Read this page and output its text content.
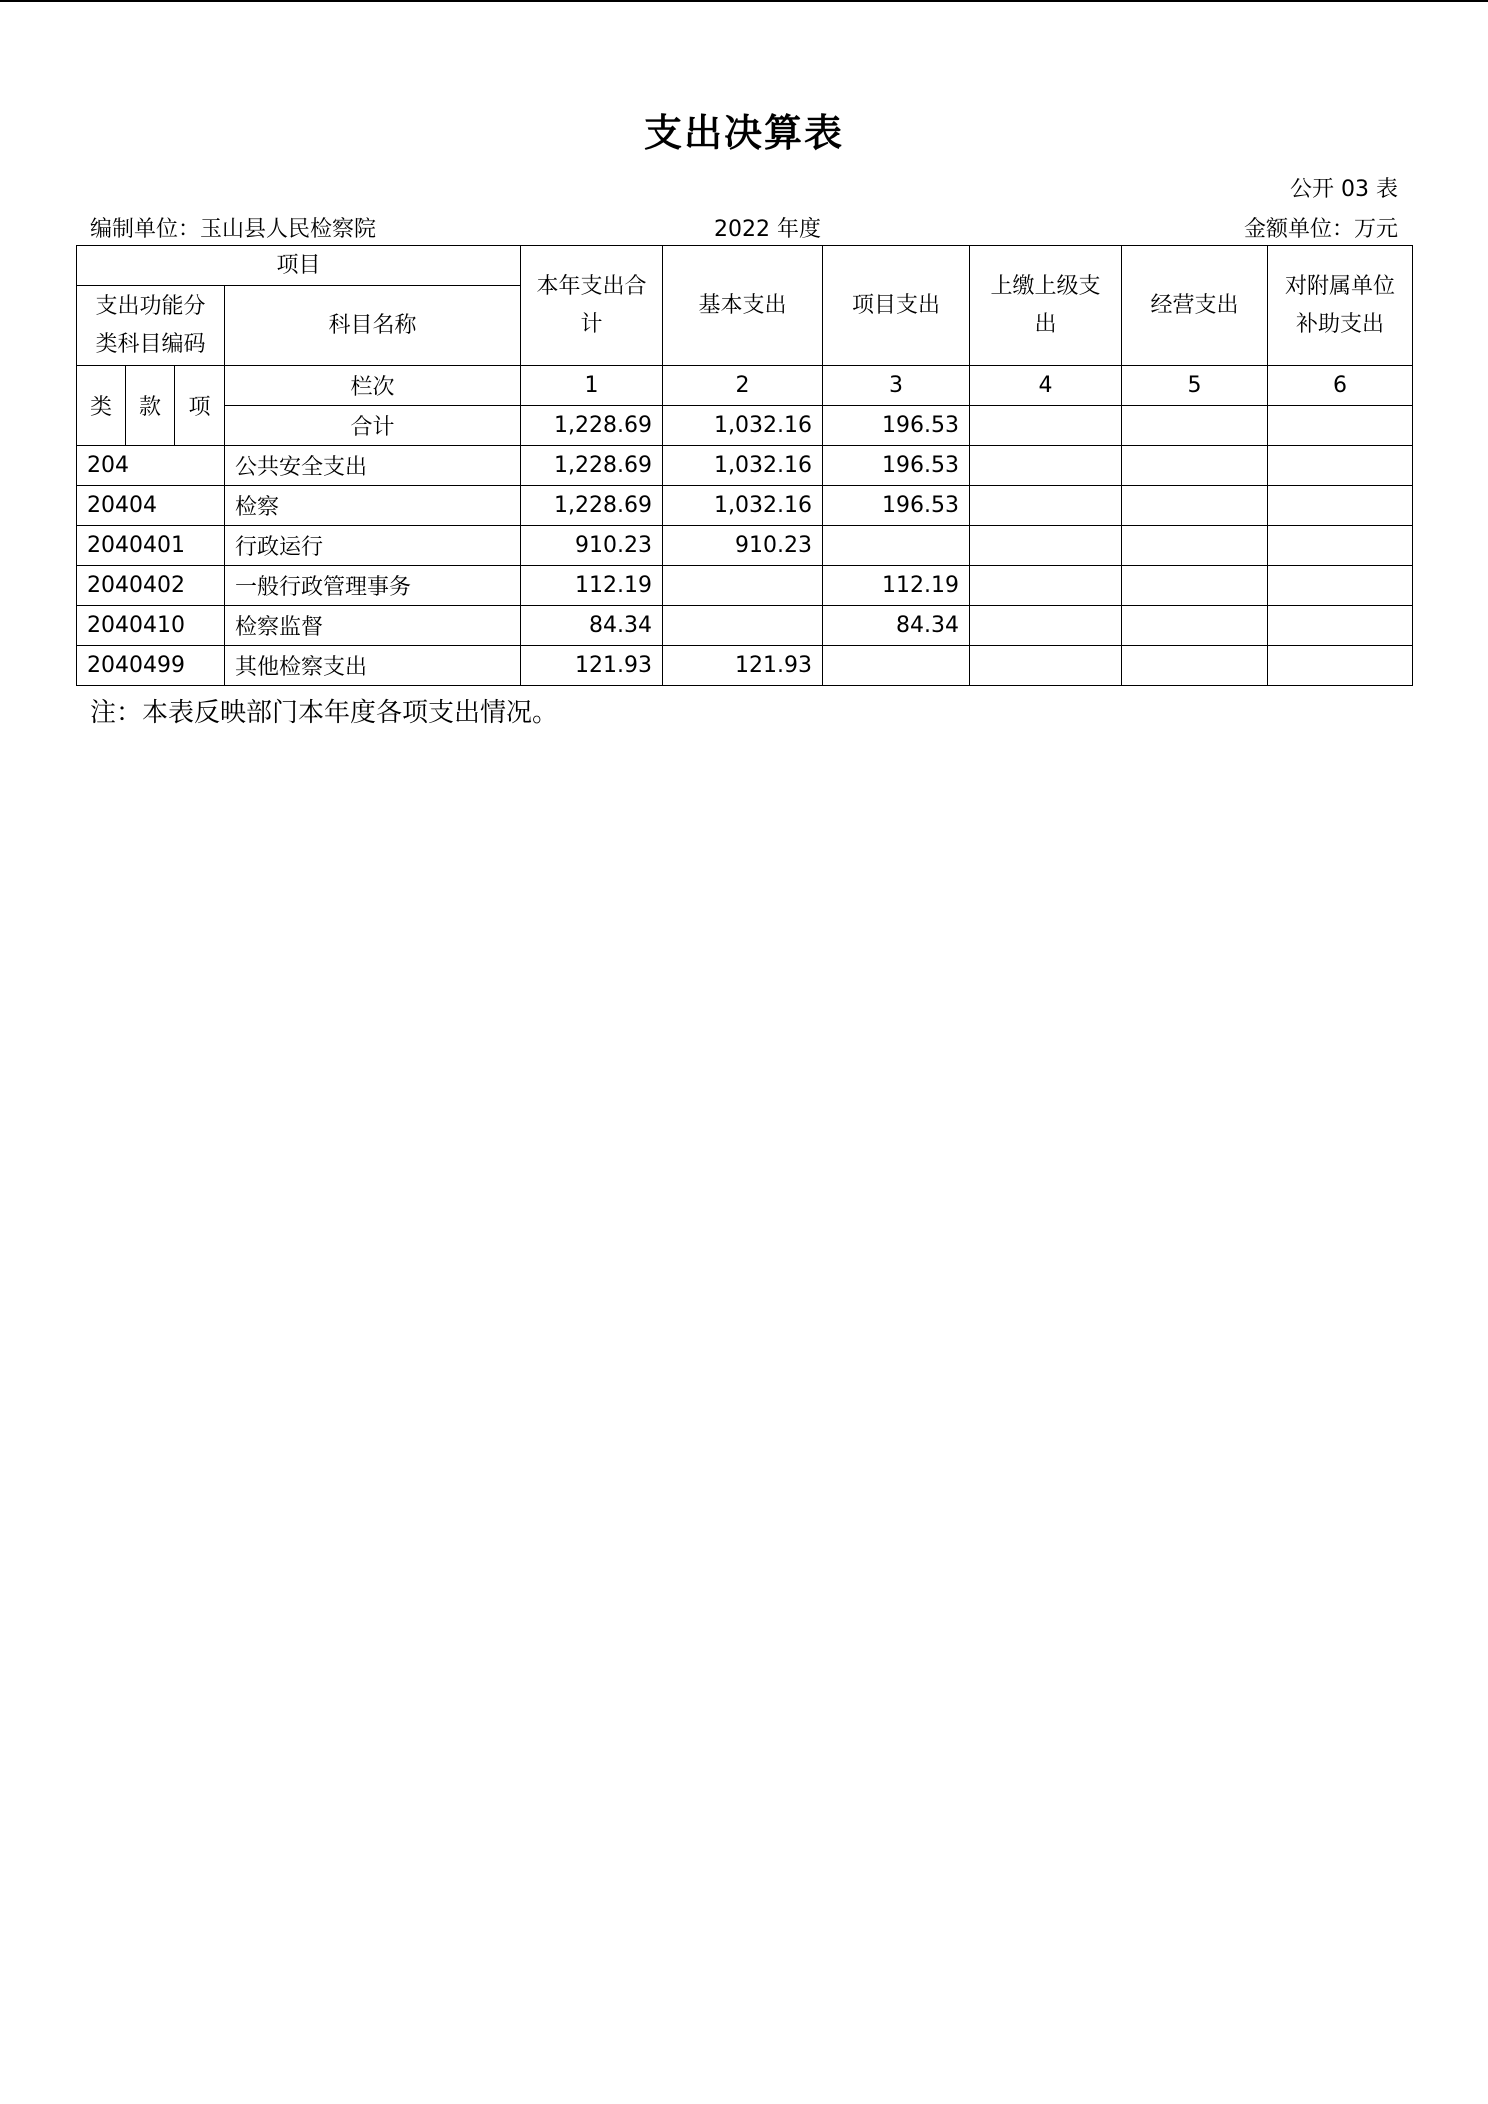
支出决算表
公开 03 表
编制单位：玉山县人民检察院	2022 年度	金额单位：万元
项目				本年支出合计	基本支出	项目支出	上缴上级支出	经营支出	对附属单位补助支出
支出功能分类科目编码			科目名称						
类	款	项	栏次	1	2	3	4	5	6
			合计	1,228.69	1,032.16	196.53			
204			公共安全支出	1,228.69	1,032.16	196.53			
20404			检察	1,228.69	1,032.16	196.53			
2040401			行政运行	910.23	910.23				
2040402			一般行政管理事务	112.19		112.19			
2040410			检察监督	84.34		84.34			
2040499			其他检察支出	121.93	121.93				
注：本表反映部门本年度各项支出情况。
